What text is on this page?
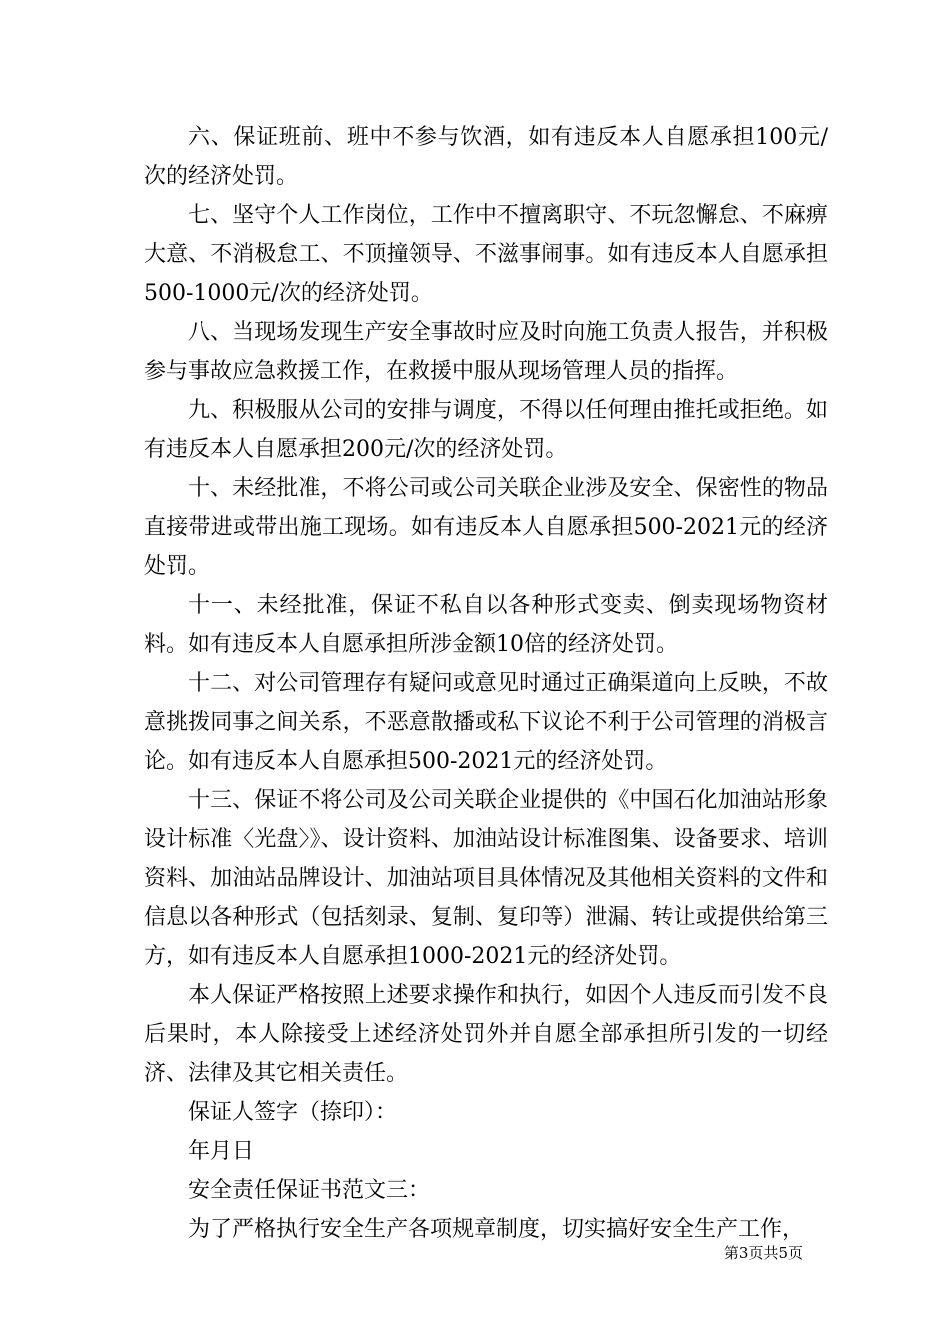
六、保证班前、班中不参与饮酒，如有违反本人自愿承担100元/次的经济处罚。

七、坚守个人工作岗位，工作中不擅离职守、不玩忽懈怠、不麻痹大意、不消极怠工、不顶撞领导、不滋事闹事。如有违反本人自愿承担500-1000元/次的经济处罚。

八、当现场发现生产安全事故时应及时向施工负责人报告，并积极参与事故应急救援工作，在救援中服从现场管理人员的指挥。

九、积极服从公司的安排与调度，不得以任何理由推托或拒绝。如有违反本人自愿承担200元/次的经济处罚。

十、未经批准，不将公司或公司关联企业涉及安全、保密性的物品直接带进或带出施工现场。如有违反本人自愿承担500-2021元的经济处罚。

十一、未经批准，保证不私自以各种形式变卖、倒卖现场物资材料。如有违反本人自愿承担所涉金额10倍的经济处罚。

十二、对公司管理存有疑问或意见时通过正确渠道向上反映，不故意挑拨同事之间关系，不恶意散播或私下议论不利于公司管理的消极言论。如有违反本人自愿承担500-2021元的经济处罚。

十三、保证不将公司及公司关联企业提供的《中国石化加油站形象设计标准〈光盘〉》、设计资料、加油站设计标准图集、设备要求、培训资料、加油站品牌设计、加油站项目具体情况及其他相关资料的文件和信息以各种形式（包括刻录、复制、复印等）泄漏、转让或提供给第三方，如有违反本人自愿承担1000-2021元的经济处罚。

本人保证严格按照上述要求操作和执行，如因个人违反而引发不良后果时，本人除接受上述经济处罚外并自愿全部承担所引发的一切经济、法律及其它相关责任。

保证人签字（捺印）：

年月日

安全责任保证书范文三：

为了严格执行安全生产各项规章制度，切实搞好安全生产工作，

第3页共5页
